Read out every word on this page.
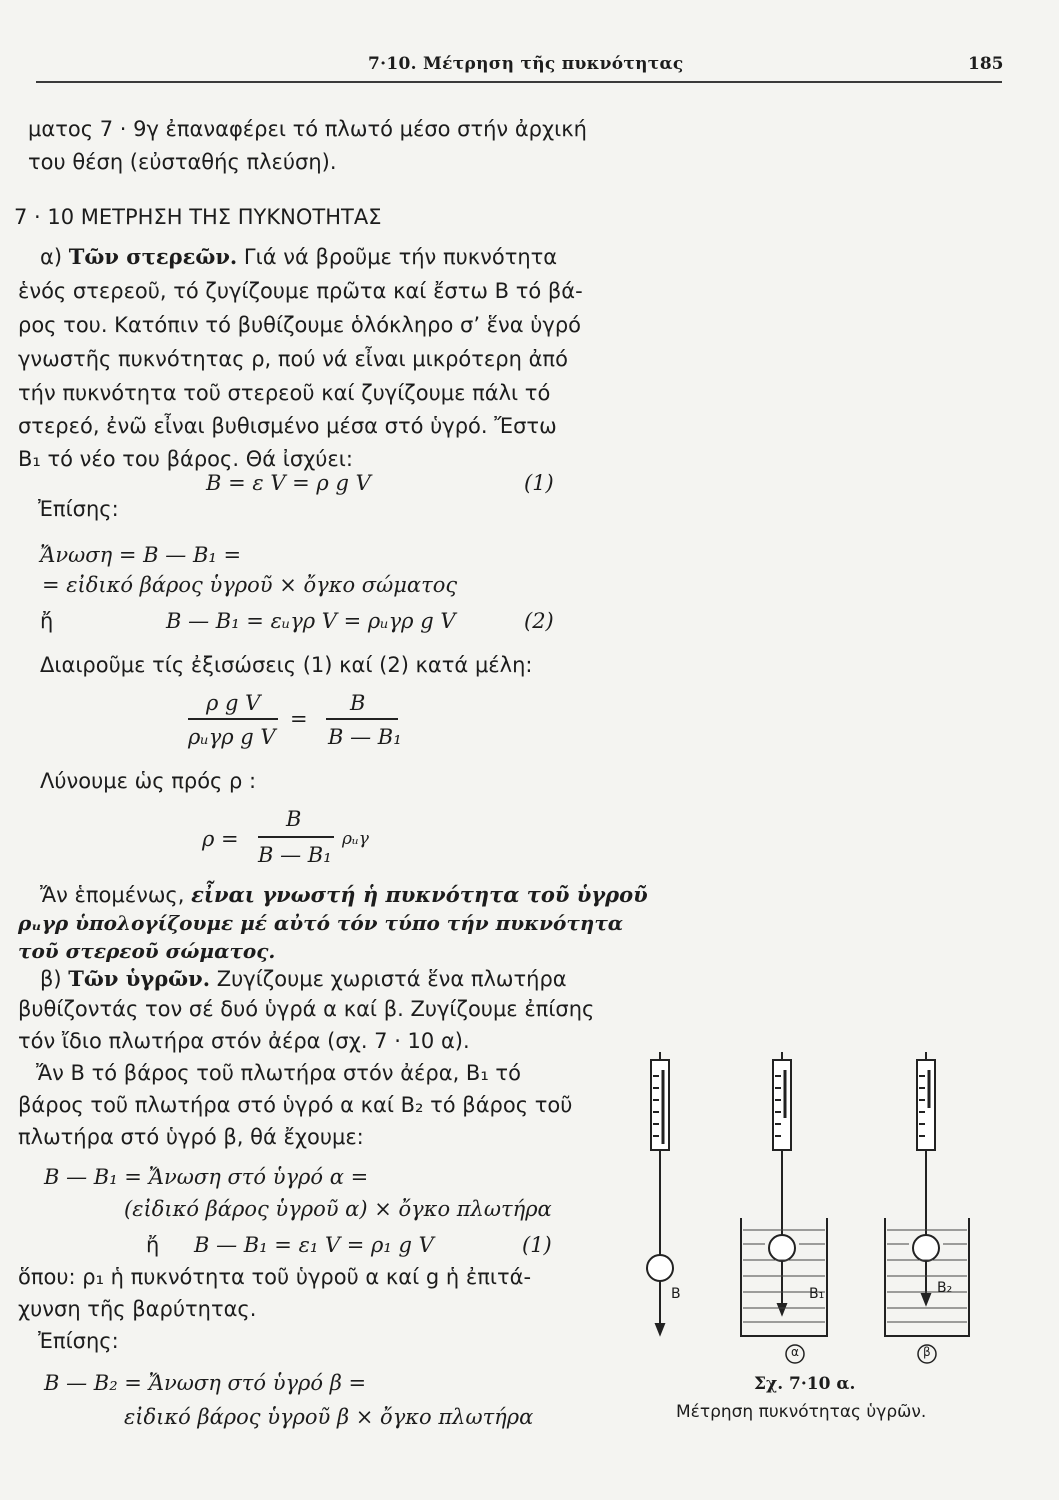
7·10. Μέτρηση τῆς πυκνότητας	185
ματος 7 · 9γ ἐπαναφέρει τό πλωτό μέσο στήν ἀρχική
του θέση (εὐσταθής πλεύση).
7 · 10 ΜΕΤΡΗΣΗ ΤΗΣ ΠΥΚΝΟΤΗΤΑΣ
α) Τῶν στερεῶν. Γιά νά βροῦμε τήν πυκνότητα
ἑνός στερεοῦ, τό ζυγίζουμε πρῶτα καί ἔστω B τό βά-
ρος του. Κατόπιν τό βυθίζουμε ὁλόκληρο σ’ ἕνα ὑγρό
γνωστῆς πυκνότητας ρ, πού νά εἶναι μικρότερη ἀπό
τήν πυκνότητα τοῦ στερεοῦ καί ζυγίζουμε πάλι τό
στερεό, ἐνῶ εἶναι βυθισμένο μέσα στό ὑγρό. Ἔστω
B₁ τό νέο του βάρος. Θά ἰσχύει:
B = ε V = ρ g V	(1)
Ἐπίσης:
Ἄνωση = B — B₁ =
= εἰδικό βάρος ὑγροῦ × ὄγκο σώματος
ἤ	B — B₁ = εᵤγρ V = ρᵤγρ g V	(2)
Διαιροῦμε τίς ἐξισώσεις (1) καί (2) κατά μέλη:
ρ g V
ρᵤγρ g V
=
B
B — B₁
Λύνουμε ὡς πρός ρ :
ρ =
B
B — B₁
ρᵤγ
Ἄν ἑπομένως, εἶναι γνωστή ἡ πυκνότητα τοῦ ὑγροῦ
ρᵤγρ ὑπολογίζουμε μέ αὐτό τόν τύπο τήν πυκνότητα
τοῦ στερεοῦ σώματος.
β) Τῶν ὑγρῶν. Ζυγίζουμε χωριστά ἕνα πλωτήρα
βυθίζοντάς τον σέ δυό ὑγρά α καί β. Ζυγίζουμε ἐπίσης
τόν ἴδιο πλωτήρα στόν ἀέρα (σχ. 7 · 10 α).
Ἄν B τό βάρος τοῦ πλωτήρα στόν ἀέρα, B₁ τό
βάρος τοῦ πλωτήρα στό ὑγρό α καί B₂ τό βάρος τοῦ
πλωτήρα στό ὑγρό β, θά ἔχουμε:
B — B₁ = Ἄνωση στό ὑγρό α =
(εἰδικό βάρος ὑγροῦ α) × ὄγκο πλωτήρα
ἤ B — B₁ = ε₁ V = ρ₁ g V	(1)
ὅπου: ρ₁ ἡ πυκνότητα τοῦ ὑγροῦ α καί g ἡ ἐπιτά-
χυνση τῆς βαρύτητας.
Ἐπίσης:
B — B₂ = Ἄνωση στό ὑγρό β =
εἰδικό βάρος ὑγροῦ β × ὄγκο πλωτήρα
B	B₁	B₂
α	β
Σχ. 7·10 α.
Μέτρηση πυκνότητας ὑγρῶν.
